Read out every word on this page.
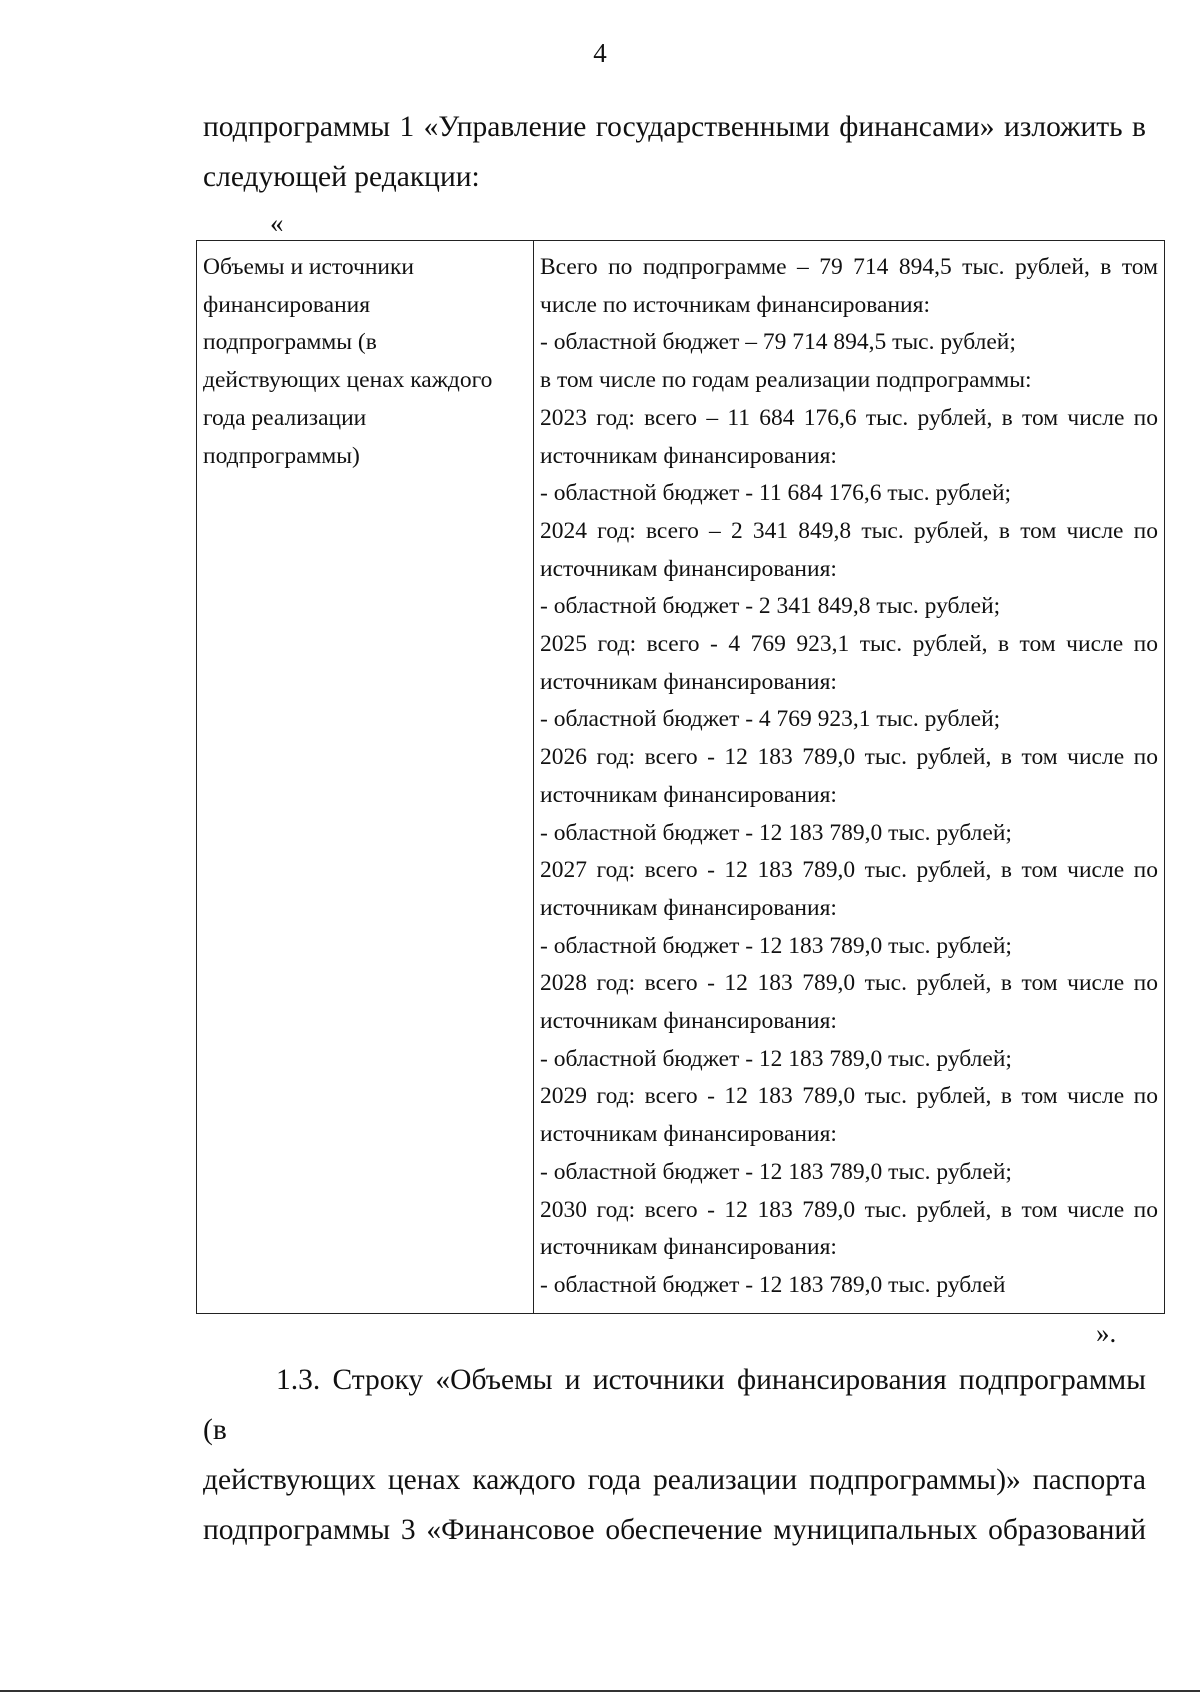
4
подпрограммы 1 «Управление государственными финансами» изложить в
следующей редакции:
«
Объемы и источники
финансирования
подпрограммы (в
действующих ценах каждого
года реализации
подпрограммы)

Всего по подпрограмме – 79 714 894,5 тыс. рублей, в том
числе по источникам финансирования:
- областной бюджет – 79 714 894,5 тыс. рублей;
в том числе по годам реализации подпрограммы:
2023 год: всего – 11 684 176,6 тыс. рублей, в том числе по
источникам финансирования:
- областной бюджет - 11 684 176,6 тыс. рублей;
2024 год: всего – 2 341 849,8 тыс. рублей, в том числе по
источникам финансирования:
- областной бюджет - 2 341 849,8 тыс. рублей;
2025 год: всего - 4 769 923,1 тыс. рублей, в том числе по
источникам финансирования:
- областной бюджет - 4 769 923,1 тыс. рублей;
2026 год: всего - 12 183 789,0 тыс. рублей, в том числе по
источникам финансирования:
- областной бюджет - 12 183 789,0 тыс. рублей;
2027 год: всего - 12 183 789,0 тыс. рублей, в том числе по
источникам финансирования:
- областной бюджет - 12 183 789,0 тыс. рублей;
2028 год: всего - 12 183 789,0 тыс. рублей, в том числе по
источникам финансирования:
- областной бюджет - 12 183 789,0 тыс. рублей;
2029 год: всего - 12 183 789,0 тыс. рублей, в том числе по
источникам финансирования:
- областной бюджет - 12 183 789,0 тыс. рублей;
2030 год: всего - 12 183 789,0 тыс. рублей, в том числе по
источникам финансирования:
- областной бюджет - 12 183 789,0 тыс. рублей
».
1.3. Строку «Объемы и источники финансирования подпрограммы (в
действующих ценах каждого года реализации подпрограммы)» паспорта
подпрограммы 3 «Финансовое обеспечение муниципальных образований
